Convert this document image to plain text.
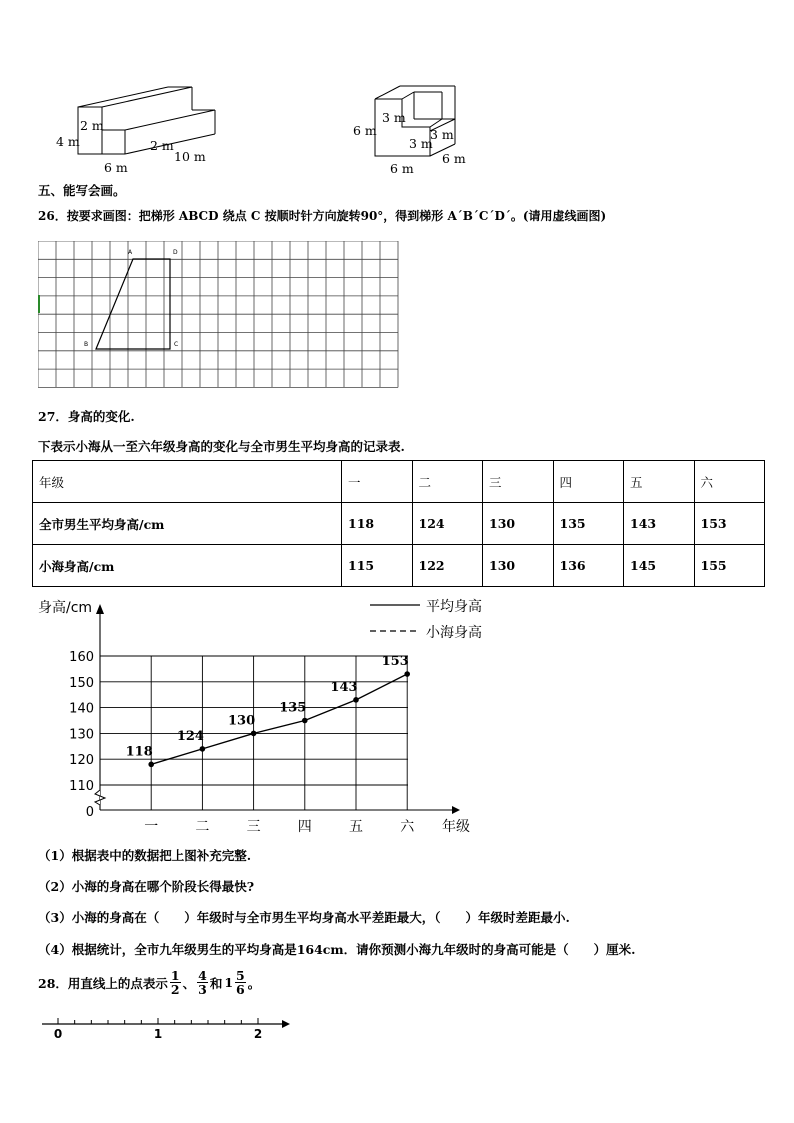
2 m
4 m
6 m
2 m
10 m
3 m
6 m	3 m
3 m
6 m
6 m
五、能写会画。
26．按要求画图：把梯形 ABCD 绕点 C 按顺时针方向旋转90°，得到梯形 A´B´C´D´。(请用虚线画图)
A	D
B	C
27．身高的变化.
下表示小海从一至六年级身高的变化与全市男生平均身高的记录表.
年级	一	二	三	四	五	六
全市男生平均身高/cm	118	124	130	135	143	153
小海身高/cm	115	122	130	136	145	155
身高/cm	平均身高
小海身高
110
120
130
140
150
160
一	二	三	四	五	六 年级
0
118
124
130
135
143
153
（1）根据表中的数据把上图补充完整.
（2）小海的身高在哪个阶段长得最快?
（3）小海的身高在（　　）年级时与全市男生平均身高水平差距最大，（　　）年级时差距最小.
（4）根据统计，全市九年级男生的平均身高是164cm．请你预测小海九年级时的身高可能是（　　）厘米.
28．用直线上的点表示 $\frac{1}{2}$ 、 $\frac{4}{3}$ 和 $1 \frac{5}{6}$ 。
0	1	2
